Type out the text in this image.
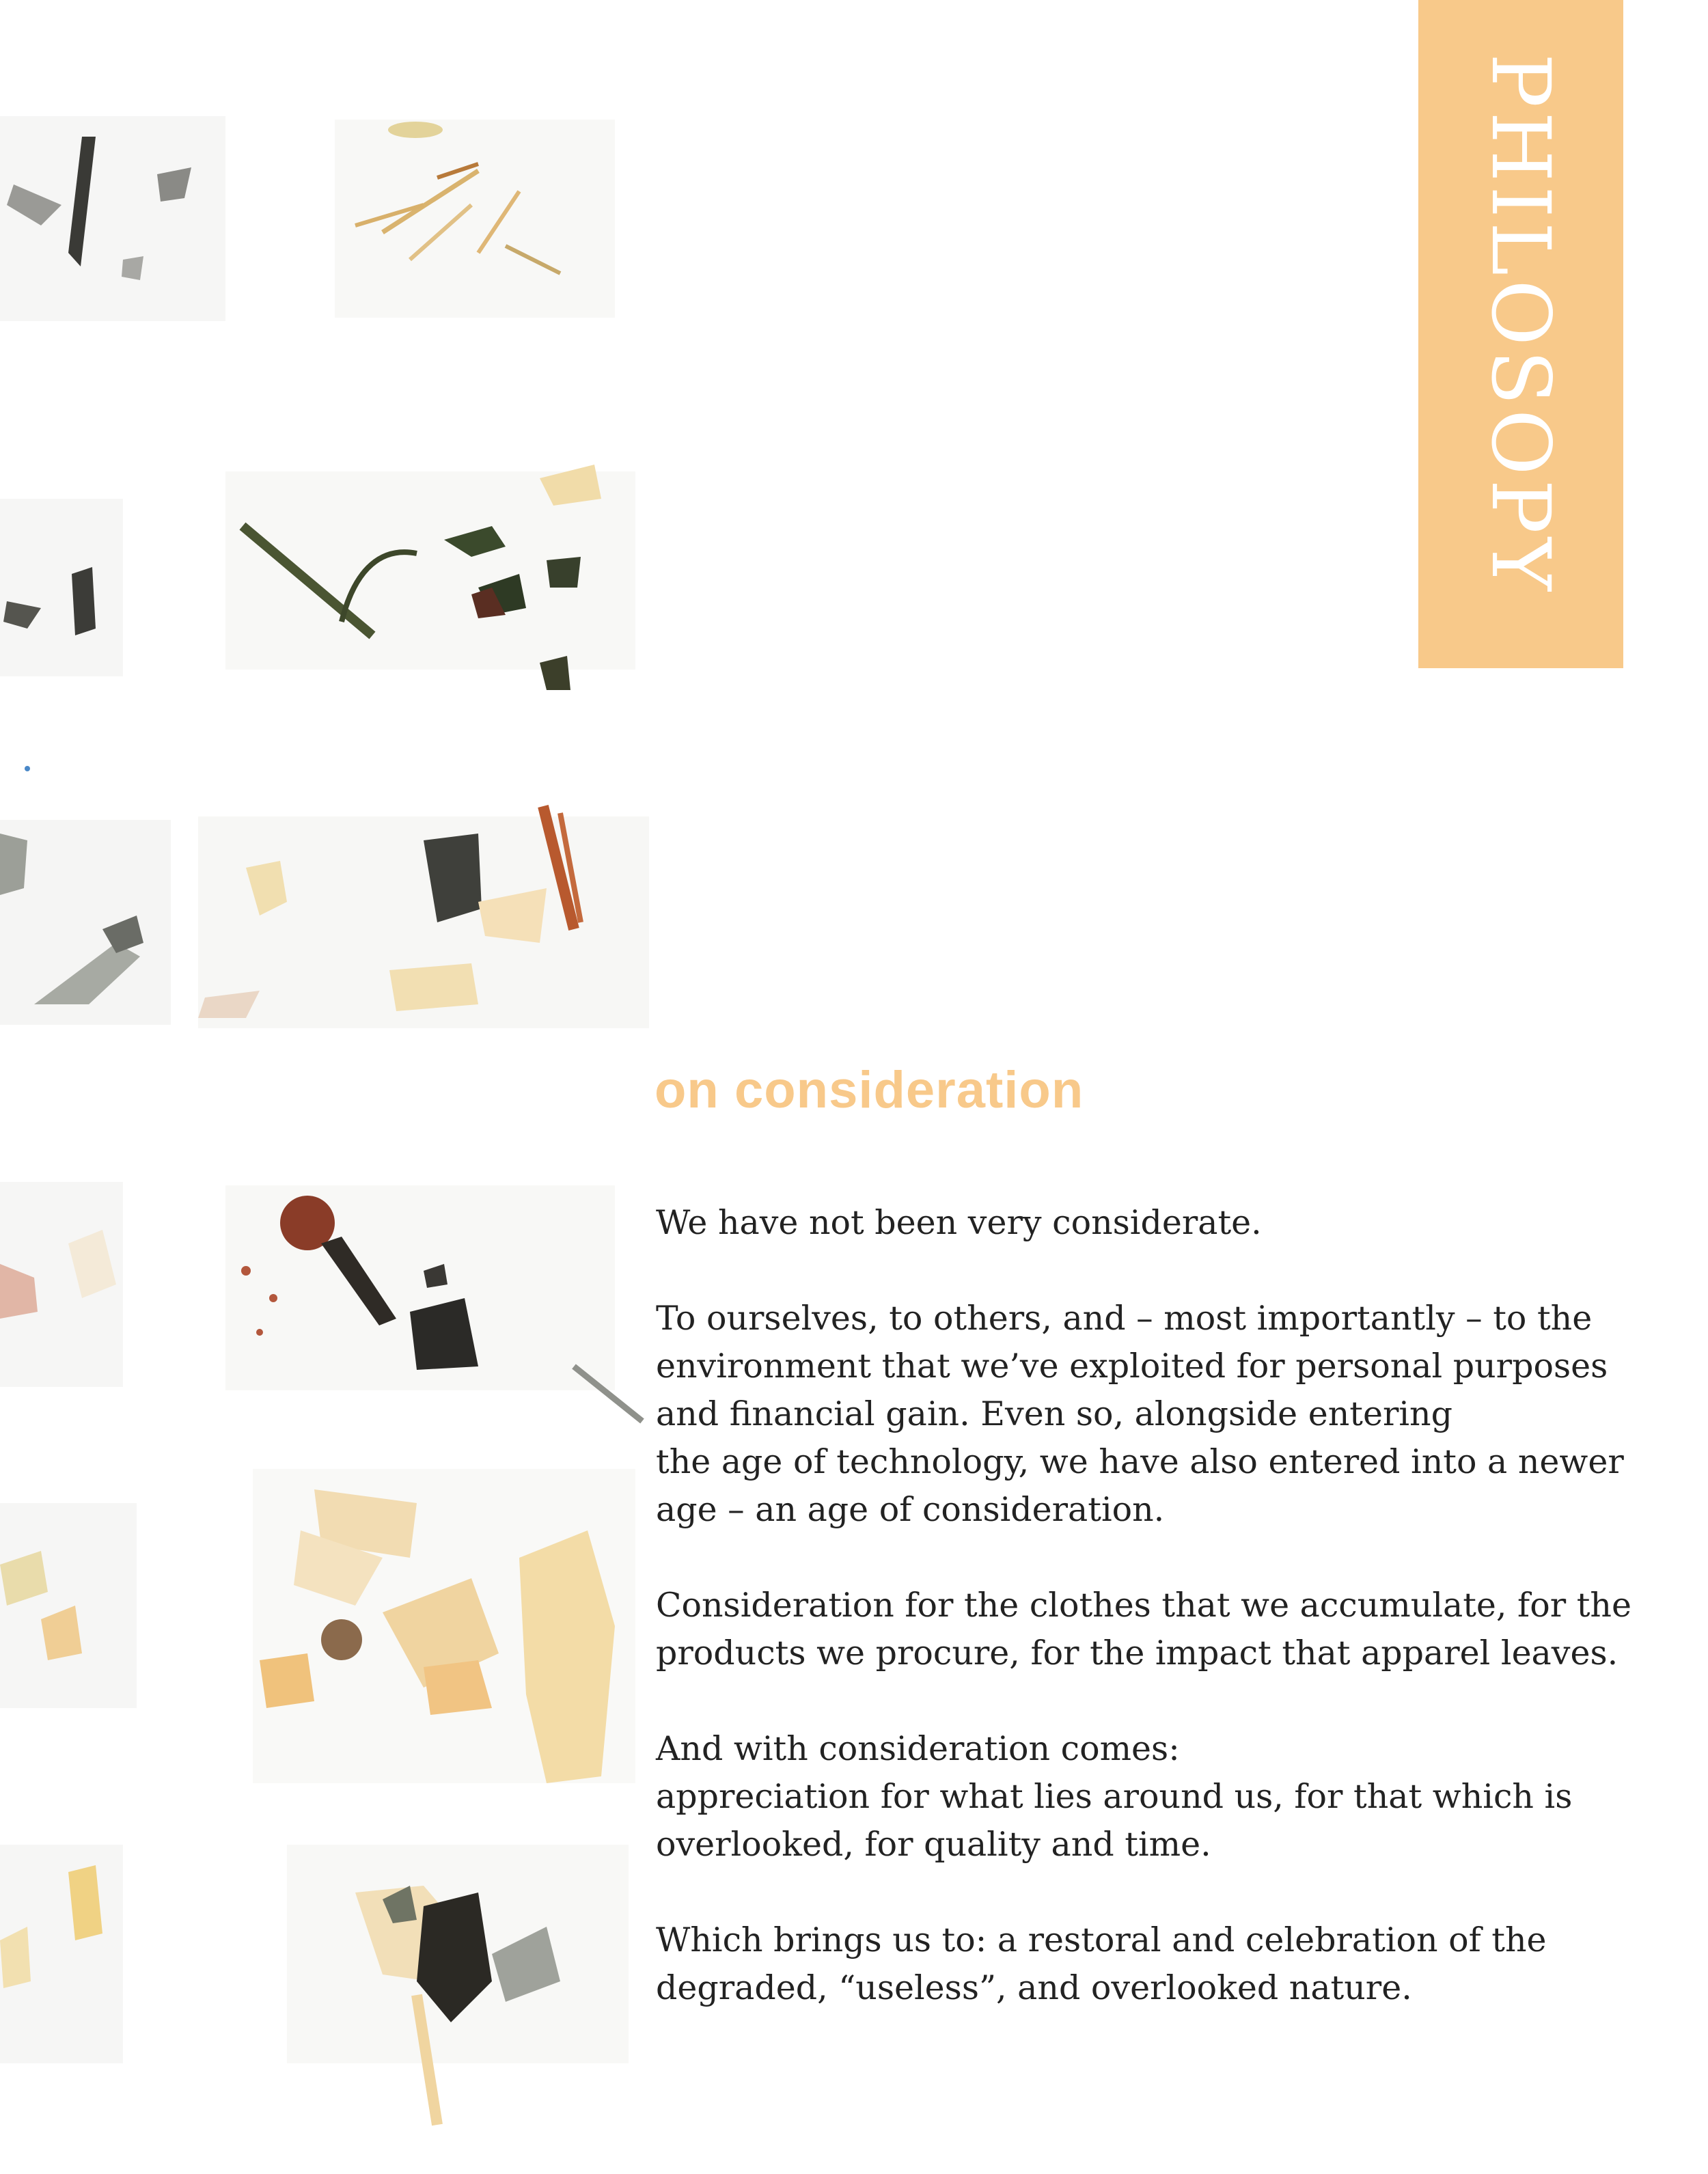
PHILOSOPY
on consideration

We have not been very considerate.

To ourselves, to others, and – most importantly – to the
environment that we’ve exploited for personal purposes
and financial gain. Even so, alongside entering
the age of technology, we have also entered into a newer
age – an age of consideration.

Consideration for the clothes that we accumulate, for the
products we procure, for the impact that apparel leaves.

And with consideration comes:
appreciation for what lies around us, for that which is
overlooked, for quality and time.

Which brings us to: a restoral and celebration of the
degraded, “useless”, and overlooked nature.
